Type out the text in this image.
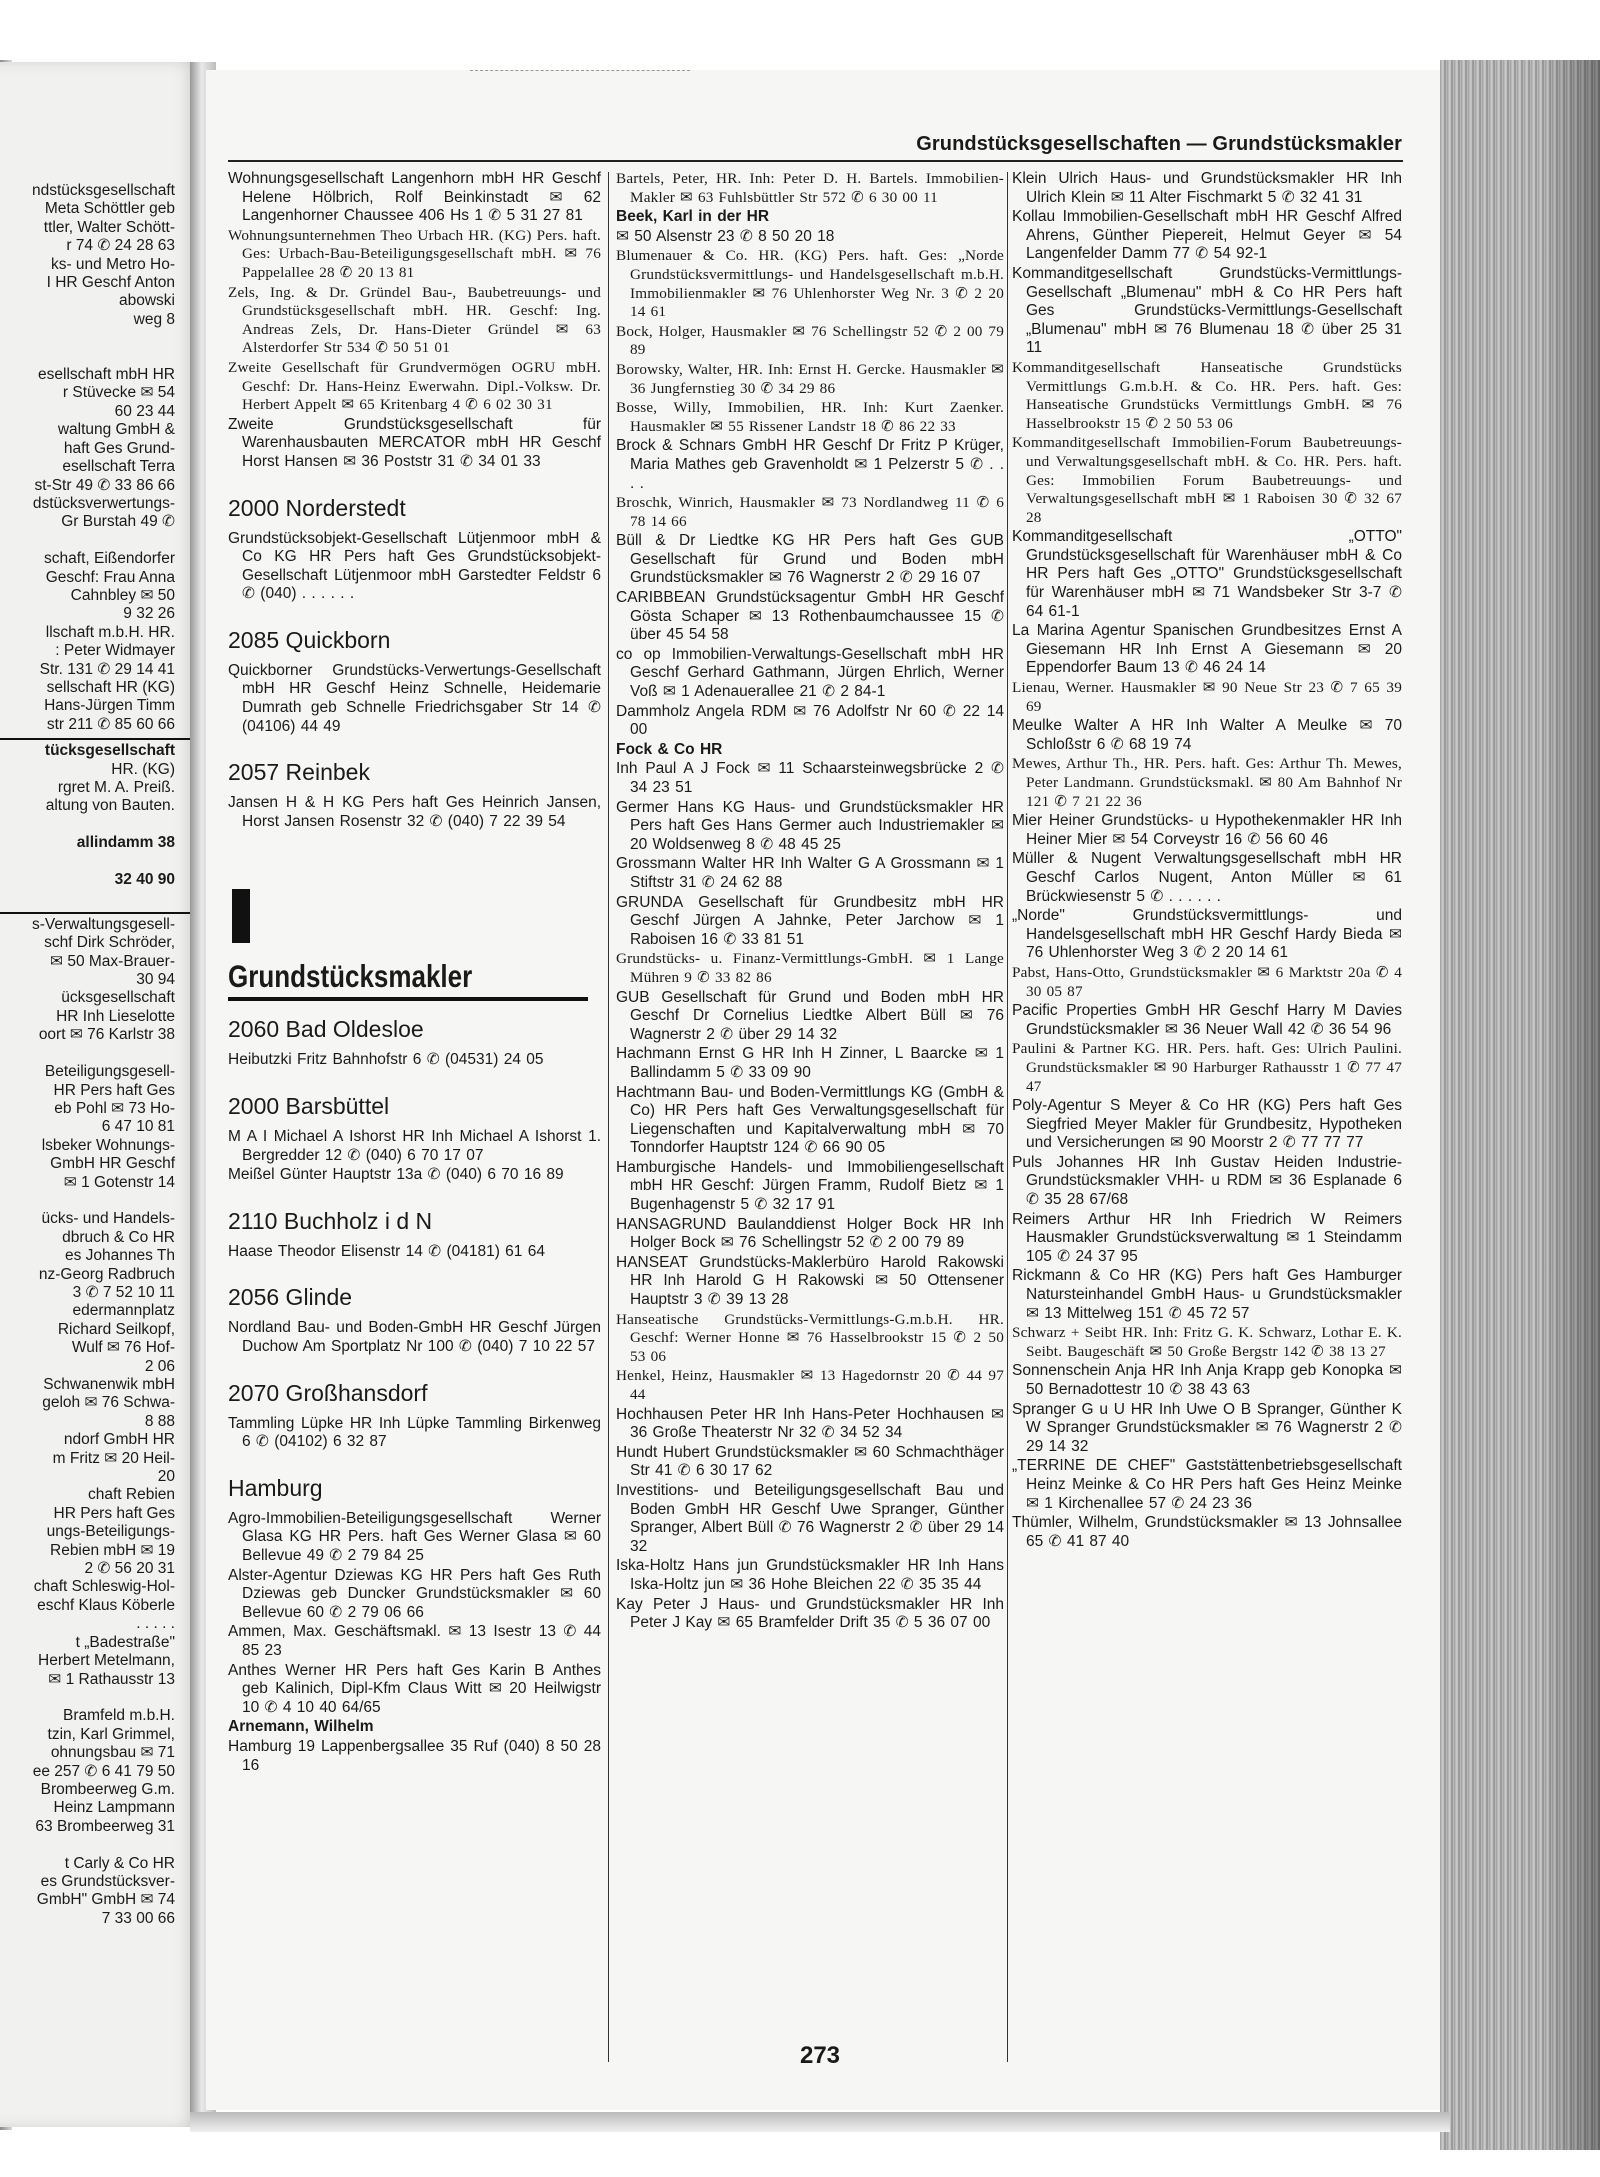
ndstücksgesellschaft
Meta Schöttler geb
ttler, Walter Schött-
r 74 ✆ 24 28 63
ks- und Metro Ho-
I HR Geschf Anton
abowski
weg 8

esellschaft mbH HR
r Stüvecke ✉ 54
60 23 44
waltung GmbH &
haft Ges Grund-
esellschaft Terra
st-Str 49 ✆ 33 86 66
dstücksverwertungs-
Gr Burstah 49 ✆

schaft, Eißendorfer
Geschf: Frau Anna
Cahnbley ✉ 50
9 32 26
llschaft m.b.H. HR.
: Peter Widmayer
Str. 131 ✆ 29 14 41
sellschaft HR (KG)
Hans-Jürgen Timm
str 211 ✆ 85 60 66
tücksgesellschaft
HR. (KG)
rgret M. A. Preiß.
altung von Bauten.

allindamm 38

32 40 90

s-Verwaltungsgesell-
schf Dirk Schröder,
✉ 50 Max-Brauer-
30 94
ücksgesellschaft
HR Inh Lieselotte
oort ✉ 76 Karlstr 38

Beteiligungsgesell-
HR Pers haft Ges
eb Pohl ✉ 73 Ho-
6 47 10 81
lsbeker Wohnungs-
GmbH HR Geschf
✉ 1 Gotenstr 14

ücks- und Handels-
dbruch & Co HR
es Johannes Th
nz-Georg Radbruch
3 ✆ 7 52 10 11
edermannplatz
Richard Seilkopf,
Wulf ✉ 76 Hof-
2 06
Schwanenwik mbH
geloh ✉ 76 Schwa-
8 88
ndorf GmbH HR
m Fritz ✉ 20 Heil-
20
chaft Rebien
HR Pers haft Ges
ungs-Beteiligungs-
Rebien mbH ✉ 19
2 ✆ 56 20 31
chaft Schleswig-Hol-
eschf Klaus Köberle
. . . . .
t „Badestraße"
Herbert Metelmann,
✉ 1 Rathausstr 13

Bramfeld m.b.H.
tzin, Karl Grimmel,
ohnungsbau ✉ 71
ee 257 ✆ 6 41 79 50
Brombeerweg G.m.
Heinz Lampmann
63 Brombeerweg 31

t Carly & Co HR
es Grundstücksver-
GmbH" GmbH ✉ 74
7 33 00 66
Grundstücksgesellschaften — Grundstücksmakler

Wohnungsgesellschaft Langenhorn mbH HR Geschf Helene Hölbrich, Rolf Beinkinstadt ✉ 62 Langenhorner Chaussee 406 Hs 1 ✆ 5 31 27 81

Wohnungsunternehmen Theo Urbach HR. (KG) Pers. haft. Ges: Urbach-Bau-Beteiligungsgesellschaft mbH. ✉ 76 Pappelallee 28 ✆ 20 13 81

Zels, Ing. & Dr. Gründel Bau-, Baubetreuungs- und Grundstücksgesellschaft mbH. HR. Geschf: Ing. Andreas Zels, Dr. Hans-Dieter Gründel ✉ 63 Alsterdorfer Str 534 ✆ 50 51 01

Zweite Gesellschaft für Grundvermögen OGRU mbH. Geschf: Dr. Hans-Heinz Ewerwahn. Dipl.-Volksw. Dr. Herbert Appelt ✉ 65 Kritenbarg 4 ✆ 6 02 30 31

Zweite Grundstücksgesellschaft für Warenhausbauten MERCATOR mbH HR Geschf Horst Hansen ✉ 36 Poststr 31 ✆ 34 01 33

2000 Norderstedt

Grundstücksobjekt-Gesellschaft Lütjenmoor mbH & Co KG HR Pers haft Ges Grundstücksobjekt-Gesellschaft Lütjenmoor mbH Garstedter Feldstr 6 ✆ (040) . . . . . .

2085 Quickborn

Quickborner Grundstücks-Verwertungs-Gesellschaft mbH HR Geschf Heinz Schnelle, Heidemarie Dumrath geb Schnelle Friedrichsgaber Str 14 ✆ (04106) 44 49

2057 Reinbek

Jansen H & H KG Pers haft Ges Heinrich Jansen, Horst Jansen Rosenstr 32 ✆ (040) 7 22 39 54

Grundstücksmakler
2060 Bad Oldesloe

Heibutzki Fritz Bahnhofstr 6 ✆ (04531) 24 05

2000 Barsbüttel

M A I Michael A Ishorst HR Inh Michael A Ishorst 1. Bergredder 12 ✆ (040) 6 70 17 07

Meißel Günter Hauptstr 13a ✆ (040) 6 70 16 89

2110 Buchholz i d N

Haase Theodor Elisenstr 14 ✆ (04181) 61 64

2056 Glinde

Nordland Bau- und Boden-GmbH HR Geschf Jürgen Duchow Am Sportplatz Nr 100 ✆ (040) 7 10 22 57

2070 Großhansdorf

Tammling Lüpke HR Inh Lüpke Tammling Birkenweg 6 ✆ (04102) 6 32 87

Hamburg

Agro-Immobilien-Beteiligungsgesellschaft Werner Glasa KG HR Pers. haft Ges Werner Glasa ✉ 60 Bellevue 49 ✆ 2 79 84 25

Alster-Agentur Dziewas KG HR Pers haft Ges Ruth Dziewas geb Duncker Grundstücksmakler ✉ 60 Bellevue 60 ✆ 2 79 06 66

Ammen, Max. Geschäftsmakl. ✉ 13 Isestr 13 ✆ 44 85 23

Anthes Werner HR Pers haft Ges Karin B Anthes geb Kalinich, Dipl-Kfm Claus Witt ✉ 20 Heilwigstr 10 ✆ 4 10 40 64/65

Arnemann, Wilhelm

Hamburg 19 Lappenbergsallee 35 Ruf (040) 8 50 28 16

Bartels, Peter, HR. Inh: Peter D. H. Bartels. Immobilien-Makler ✉ 63 Fuhlsbüttler Str 572 ✆ 6 30 00 11

Beek, Karl in der HR

✉ 50 Alsenstr 23 ✆ 8 50 20 18

Blumenauer & Co. HR. (KG) Pers. haft. Ges: „Norde Grundstücksvermittlungs- und Handelsgesellschaft m.b.H. Immobilienmakler ✉ 76 Uhlenhorster Weg Nr. 3 ✆ 2 20 14 61

Bock, Holger, Hausmakler ✉ 76 Schellingstr 52 ✆ 2 00 79 89

Borowsky, Walter, HR. Inh: Ernst H. Gercke. Hausmakler ✉ 36 Jungfernstieg 30 ✆ 34 29 86

Bosse, Willy, Immobilien, HR. Inh: Kurt Zaenker. Hausmakler ✉ 55 Rissener Landstr 18 ✆ 86 22 33

Brock & Schnars GmbH HR Geschf Dr Fritz P Krüger, Maria Mathes geb Gravenholdt ✉ 1 Pelzerstr 5 ✆ . . . .

Broschk, Winrich, Hausmakler ✉ 73 Nordlandweg 11 ✆ 6 78 14 66

Büll & Dr Liedtke KG HR Pers haft Ges GUB Gesellschaft für Grund und Boden mbH Grundstücksmakler ✉ 76 Wagnerstr 2 ✆ 29 16 07

CARIBBEAN Grundstücksagentur GmbH HR Geschf Gösta Schaper ✉ 13 Rothenbaumchaussee 15 ✆ über 45 54 58

co op Immobilien-Verwaltungs-Gesellschaft mbH HR Geschf Gerhard Gathmann, Jürgen Ehrlich, Werner Voß ✉ 1 Adenauerallee 21 ✆ 2 84-1

Dammholz Angela RDM ✉ 76 Adolfstr Nr 60 ✆ 22 14 00

Fock & Co HR

Inh Paul A J Fock ✉ 11 Schaarsteinwegsbrücke 2 ✆ 34 23 51

Germer Hans KG Haus- und Grundstücksmakler HR Pers haft Ges Hans Germer auch Industriemakler ✉ 20 Woldsenweg 8 ✆ 48 45 25

Grossmann Walter HR Inh Walter G A Grossmann ✉ 1 Stiftstr 31 ✆ 24 62 88

GRUNDA Gesellschaft für Grundbesitz mbH HR Geschf Jürgen A Jahnke, Peter Jarchow ✉ 1 Raboisen 16 ✆ 33 81 51

Grundstücks- u. Finanz-Vermittlungs-GmbH. ✉ 1 Lange Mühren 9 ✆ 33 82 86

GUB Gesellschaft für Grund und Boden mbH HR Geschf Dr Cornelius Liedtke Albert Büll ✉ 76 Wagnerstr 2 ✆ über 29 14 32

Hachmann Ernst G HR Inh H Zinner, L Baarcke ✉ 1 Ballindamm 5 ✆ 33 09 90

Hachtmann Bau- und Boden-Vermittlungs KG (GmbH & Co) HR Pers haft Ges Verwaltungsgesellschaft für Liegenschaften und Kapitalverwaltung mbH ✉ 70 Tonndorfer Hauptstr 124 ✆ 66 90 05

Hamburgische Handels- und Immobiliengesellschaft mbH HR Geschf: Jürgen Framm, Rudolf Bietz ✉ 1 Bugenhagenstr 5 ✆ 32 17 91

HANSAGRUND Baulanddienst Holger Bock HR Inh Holger Bock ✉ 76 Schellingstr 52 ✆ 2 00 79 89

HANSEAT Grundstücks-Maklerbüro Harold Rakowski HR Inh Harold G H Rakowski ✉ 50 Ottensener Hauptstr 3 ✆ 39 13 28

Hanseatische Grundstücks-Vermittlungs-G.m.b.H. HR. Geschf: Werner Honne ✉ 76 Hasselbrookstr 15 ✆ 2 50 53 06

Henkel, Heinz, Hausmakler ✉ 13 Hagedornstr 20 ✆ 44 97 44

Hochhausen Peter HR Inh Hans-Peter Hochhausen ✉ 36 Große Theaterstr Nr 32 ✆ 34 52 34

Hundt Hubert Grundstücksmakler ✉ 60 Schmachthäger Str 41 ✆ 6 30 17 62

Investitions- und Beteiligungsgesellschaft Bau und Boden GmbH HR Geschf Uwe Spranger, Günther Spranger, Albert Büll ✆ 76 Wagnerstr 2 ✆ über 29 14 32

Iska-Holtz Hans jun Grundstücksmakler HR Inh Hans Iska-Holtz jun ✉ 36 Hohe Bleichen 22 ✆ 35 35 44

Kay Peter J Haus- und Grundstücksmakler HR Inh Peter J Kay ✉ 65 Bramfelder Drift 35 ✆ 5 36 07 00

Klein Ulrich Haus- und Grundstücksmakler HR Inh Ulrich Klein ✉ 11 Alter Fischmarkt 5 ✆ 32 41 31

Kollau Immobilien-Gesellschaft mbH HR Geschf Alfred Ahrens, Günther Piepereit, Helmut Geyer ✉ 54 Langenfelder Damm 77 ✆ 54 92-1

Kommanditgesellschaft Grundstücks-Vermittlungs-Gesellschaft „Blumenau" mbH & Co HR Pers haft Ges Grundstücks-Vermittlungs-Gesellschaft „Blumenau" mbH ✉ 76 Blumenau 18 ✆ über 25 31 11

Kommanditgesellschaft Hanseatische Grundstücks Vermittlungs G.m.b.H. & Co. HR. Pers. haft. Ges: Hanseatische Grundstücks Vermittlungs GmbH. ✉ 76 Hasselbrookstr 15 ✆ 2 50 53 06

Kommanditgesellschaft Immobilien-Forum Baubetreuungs- und Verwaltungsgesellschaft mbH. & Co. HR. Pers. haft. Ges: Immobilien Forum Baubetreuungs- und Verwaltungsgesellschaft mbH ✉ 1 Raboisen 30 ✆ 32 67 28

Kommanditgesellschaft „OTTO" Grundstücksgesellschaft für Warenhäuser mbH & Co HR Pers haft Ges „OTTO" Grundstücksgesellschaft für Warenhäuser mbH ✉ 71 Wandsbeker Str 3-7 ✆ 64 61-1

La Marina Agentur Spanischen Grundbesitzes Ernst A Giesemann HR Inh Ernst A Giesemann ✉ 20 Eppendorfer Baum 13 ✆ 46 24 14

Lienau, Werner. Hausmakler ✉ 90 Neue Str 23 ✆ 7 65 39 69

Meulke Walter A HR Inh Walter A Meulke ✉ 70 Schloßstr 6 ✆ 68 19 74

Mewes, Arthur Th., HR. Pers. haft. Ges: Arthur Th. Mewes, Peter Landmann. Grundstücksmakl. ✉ 80 Am Bahnhof Nr 121 ✆ 7 21 22 36

Mier Heiner Grundstücks- u Hypothekenmakler HR Inh Heiner Mier ✉ 54 Corveystr 16 ✆ 56 60 46

Müller & Nugent Verwaltungsgesellschaft mbH HR Geschf Carlos Nugent, Anton Müller ✉ 61 Brückwiesenstr 5 ✆ . . . . . .

„Norde" Grundstücksvermittlungs- und Handelsgesellschaft mbH HR Geschf Hardy Bieda ✉ 76 Uhlenhorster Weg 3 ✆ 2 20 14 61

Pabst, Hans-Otto, Grundstücksmakler ✉ 6 Marktstr 20a ✆ 4 30 05 87

Pacific Properties GmbH HR Geschf Harry M Davies Grundstücksmakler ✉ 36 Neuer Wall 42 ✆ 36 54 96

Paulini & Partner KG. HR. Pers. haft. Ges: Ulrich Paulini. Grundstücksmakler ✉ 90 Harburger Rathausstr 1 ✆ 77 47 47

Poly-Agentur S Meyer & Co HR (KG) Pers haft Ges Siegfried Meyer Makler für Grundbesitz, Hypotheken und Versicherungen ✉ 90 Moorstr 2 ✆ 77 77 77

Puls Johannes HR Inh Gustav Heiden Industrie-Grundstücksmakler VHH- u RDM ✉ 36 Esplanade 6 ✆ 35 28 67/68

Reimers Arthur HR Inh Friedrich W Reimers Hausmakler Grundstücksverwaltung ✉ 1 Steindamm 105 ✆ 24 37 95

Rickmann & Co HR (KG) Pers haft Ges Hamburger Natursteinhandel GmbH Haus- u Grundstücksmakler ✉ 13 Mittelweg 151 ✆ 45 72 57

Schwarz + Seibt HR. Inh: Fritz G. K. Schwarz, Lothar E. K. Seibt. Baugeschäft ✉ 50 Große Bergstr 142 ✆ 38 13 27

Sonnenschein Anja HR Inh Anja Krapp geb Konopka ✉ 50 Bernadottestr 10 ✆ 38 43 63

Spranger G u U HR Inh Uwe O B Spranger, Günther K W Spranger Grundstücksmakler ✉ 76 Wagnerstr 2 ✆ 29 14 32

„TERRINE DE CHEF" Gaststättenbetriebsgesellschaft Heinz Meinke & Co HR Pers haft Ges Heinz Meinke ✉ 1 Kirchenallee 57 ✆ 24 23 36

Thümler, Wilhelm, Grundstücksmakler ✉ 13 Johnsallee 65 ✆ 41 87 40

273
